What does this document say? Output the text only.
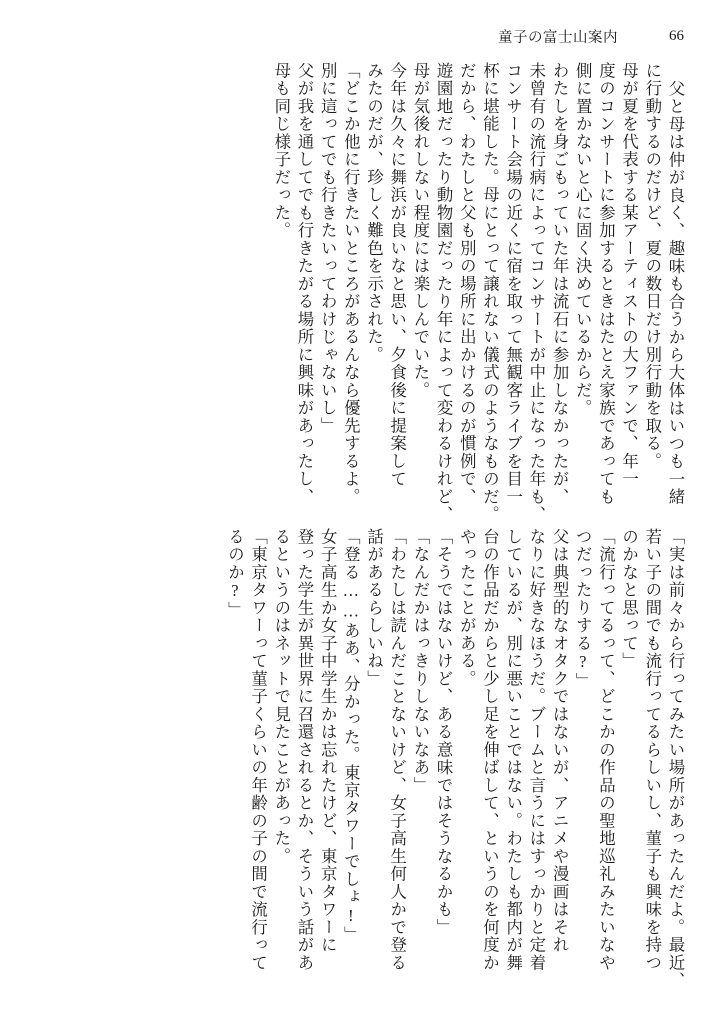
童子の富士山案内	66
父と母は仲が良く、趣味も合うから大体はいつも一緒
に行動するのだけど、夏の数日だけ別行動を取る。
母が夏を代表する某アーティストの大ファンで、年一
度のコンサートに参加するときはたとえ家族であっても
側に置かないと心に固く決めているからだ。
わたしを身ごもっていた年は流石に参加しなかったが、
未曾有の流行病によってコンサートが中止になった年も、
コンサート会場の近くに宿を取って無観客ライブを目一
杯に堪能した。母にとって譲れない儀式のようなものだ。
だから、わたしと父も別の場所に出かけるのが慣例で、
遊園地だったり動物園だったり年によって変わるけれど、
母が気後れしない程度には楽しんでいた。
今年は久々に舞浜が良いなと思い、夕食後に提案して
みたのだが、珍しく難色を示された。
「どこか他に行きたいところがあるんなら優先するよ。
別に這ってでも行きたいってわけじゃないし」
父が我を通してでも行きたがる場所に興味があったし、
母も同じ様子だった。
「実は前々から行ってみたい場所があったんだよ。最近、
若い子の間でも流行ってるらしいし、菫子も興味を持つ
のかなと思って」
「流行ってるって、どこかの作品の聖地巡礼みたいなや
つだったりする?」
父は典型的なオタクではないが、アニメや漫画はそれ
なりに好きなほうだ。ブームと言うにはすっかりと定着
しているが、別に悪いことではない。わたしも都内が舞
台の作品だからと少し足を伸ばして、というのを何度か
やったことがある。
「そうではないけど、ある意味ではそうなるかも」
「なんだかはっきりしないなあ」
「わたしは読んだことないけど、女子高生何人かで登る
話があるらしいね」
「登る……ああ、分かった。東京タワーでしょ!」
女子高生か女子中学生かは忘れたけど、東京タワーに
登った学生が異世界に召還されるとか、そういう話があ
るというのはネットで見たことがあった。
「東京タワーって菫子くらいの年齢の子の間で流行って
るのか?」
